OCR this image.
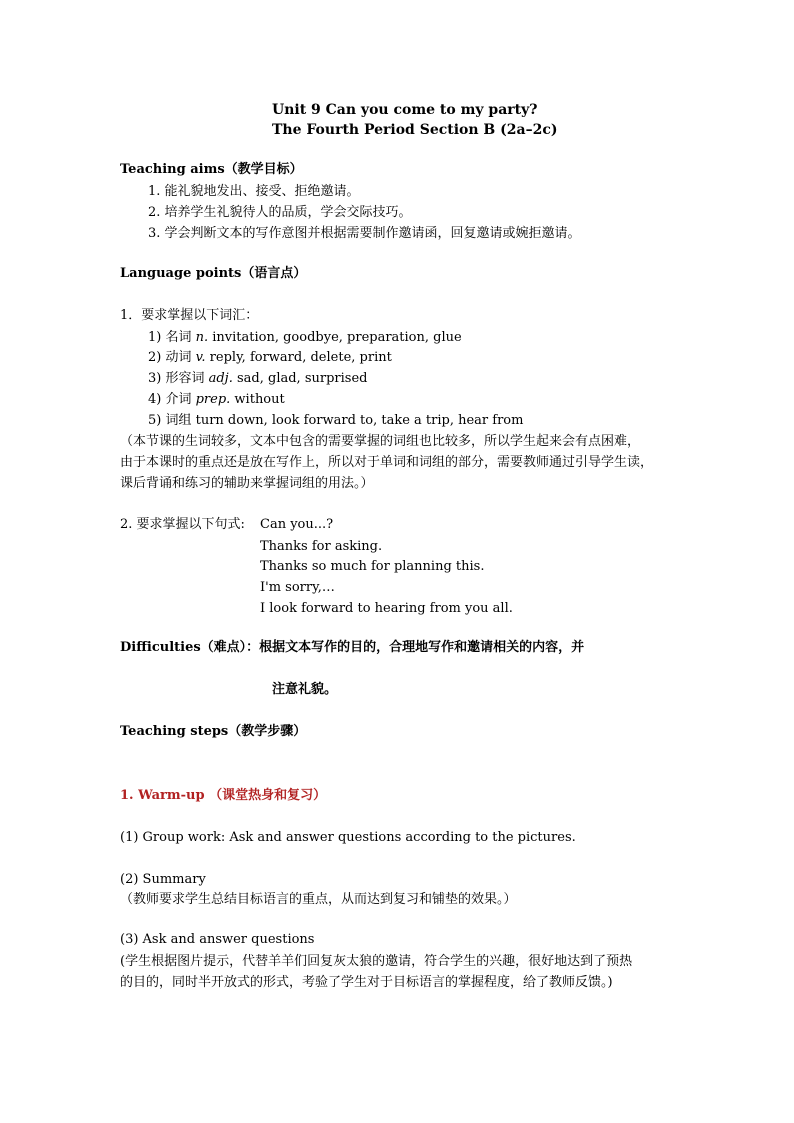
Unit 9 Can you come to my party?
The Fourth Period Section B (2a–2c)
Teaching aims（教学目标）
1. 能礼貌地发出、接受、拒绝邀请。
2. 培养学生礼貌待人的品质，学会交际技巧。
3. 学会判断文本的写作意图并根据需要制作邀请函，回复邀请或婉拒邀请。
Language points（语言点）
1．要求掌握以下词汇：
1) 名词 n. invitation, goodbye, preparation, glue
2) 动词 v. reply, forward, delete, print
3) 形容词 adj. sad, glad, surprised
4) 介词 prep. without
5) 词组 turn down, look forward to, take a trip, hear from
（本节课的生词较多，文本中包含的需要掌握的词组也比较多，所以学生起来会有点困难，
由于本课时的重点还是放在写作上，所以对于单词和词组的部分，需要教师通过引导学生读，
课后背诵和练习的辅助来掌握词组的用法。）
2. 要求掌握以下句式: Can you...?
Thanks for asking.
Thanks so much for planning this.
I'm sorry,…
I look forward to hearing from you all.
Difficulties（难点）：根据文本写作的目的，合理地写作和邀请相关的内容，并
注意礼貌。
Teaching steps（教学步骤）
1. Warm-up （课堂热身和复习）
(1) Group work: Ask and answer questions according to the pictures.
(2) Summary
（教师要求学生总结目标语言的重点，从而达到复习和铺垫的效果。）
(3) Ask and answer questions
(学生根据图片提示，代替羊羊们回复灰太狼的邀请，符合学生的兴趣，很好地达到了预热
的目的，同时半开放式的形式，考验了学生对于目标语言的掌握程度，给了教师反馈。)
